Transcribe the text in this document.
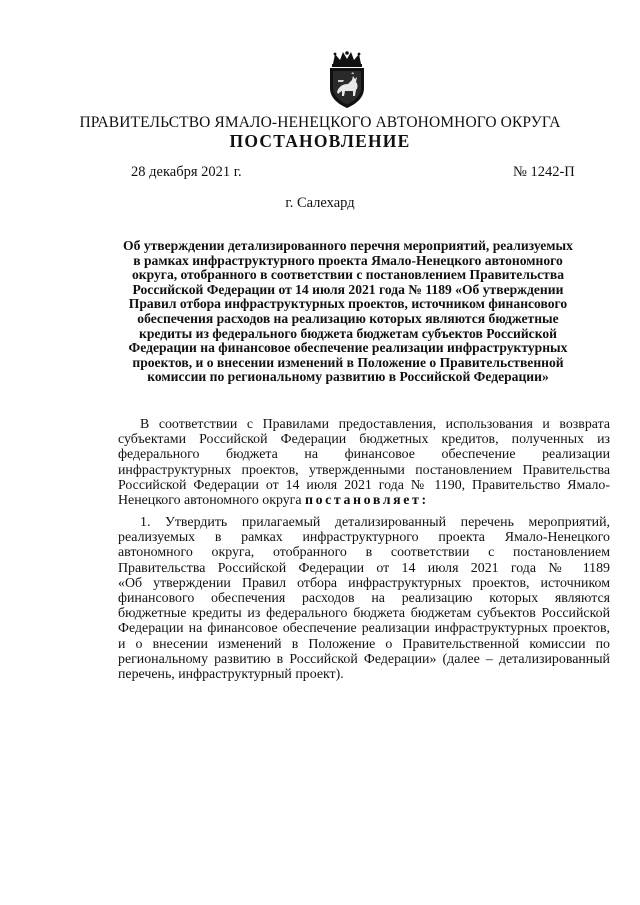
ПРАВИТЕЛЬСТВО ЯМАЛО-НЕНЕЦКОГО АВТОНОМНОГО ОКРУГА
ПОСТАНОВЛЕНИЕ
28 декабря 2021 г.	№ 1242-П
г. Салехард
Об утверждении детализированного перечня мероприятий, реализуемых
в рамках инфраструктурного проекта Ямало-Ненецкого автономного
округа, отобранного в соответствии с постановлением Правительства
Российской Федерации от 14 июля 2021 года № 1189 «Об утверждении
Правил отбора инфраструктурных проектов, источником финансового
обеспечения расходов на реализацию которых являются бюджетные
кредиты из федерального бюджета бюджетам субъектов Российской
Федерации на финансовое обеспечение реализации инфраструктурных
проектов, и о внесении изменений в Положение о Правительственной
комиссии по региональному развитию в Российской Федерации»
В соответствии с Правилами предоставления, использования и возврата
субъектами Российской Федерации бюджетных кредитов, полученных из
федерального бюджета на финансовое обеспечение реализации
инфраструктурных проектов, утвержденными постановлением Правительства
Российской Федерации от 14 июля 2021 года № 1190, Правительство Ямало-
Ненецкого автономного округа постановляет:
1. Утвердить прилагаемый детализированный перечень мероприятий,
реализуемых в рамках инфраструктурного проекта Ямало-Ненецкого
автономного округа, отобранного в соответствии с постановлением
Правительства Российской Федерации от 14 июля 2021 года № 1189
«Об утверждении Правил отбора инфраструктурных проектов, источником
финансового обеспечения расходов на реализацию которых являются
бюджетные кредиты из федерального бюджета бюджетам субъектов Российской
Федерации на финансовое обеспечение реализации инфраструктурных проектов,
и о внесении изменений в Положение о Правительственной комиссии по
региональному развитию в Российской Федерации» (далее – детализированный
перечень, инфраструктурный проект).
